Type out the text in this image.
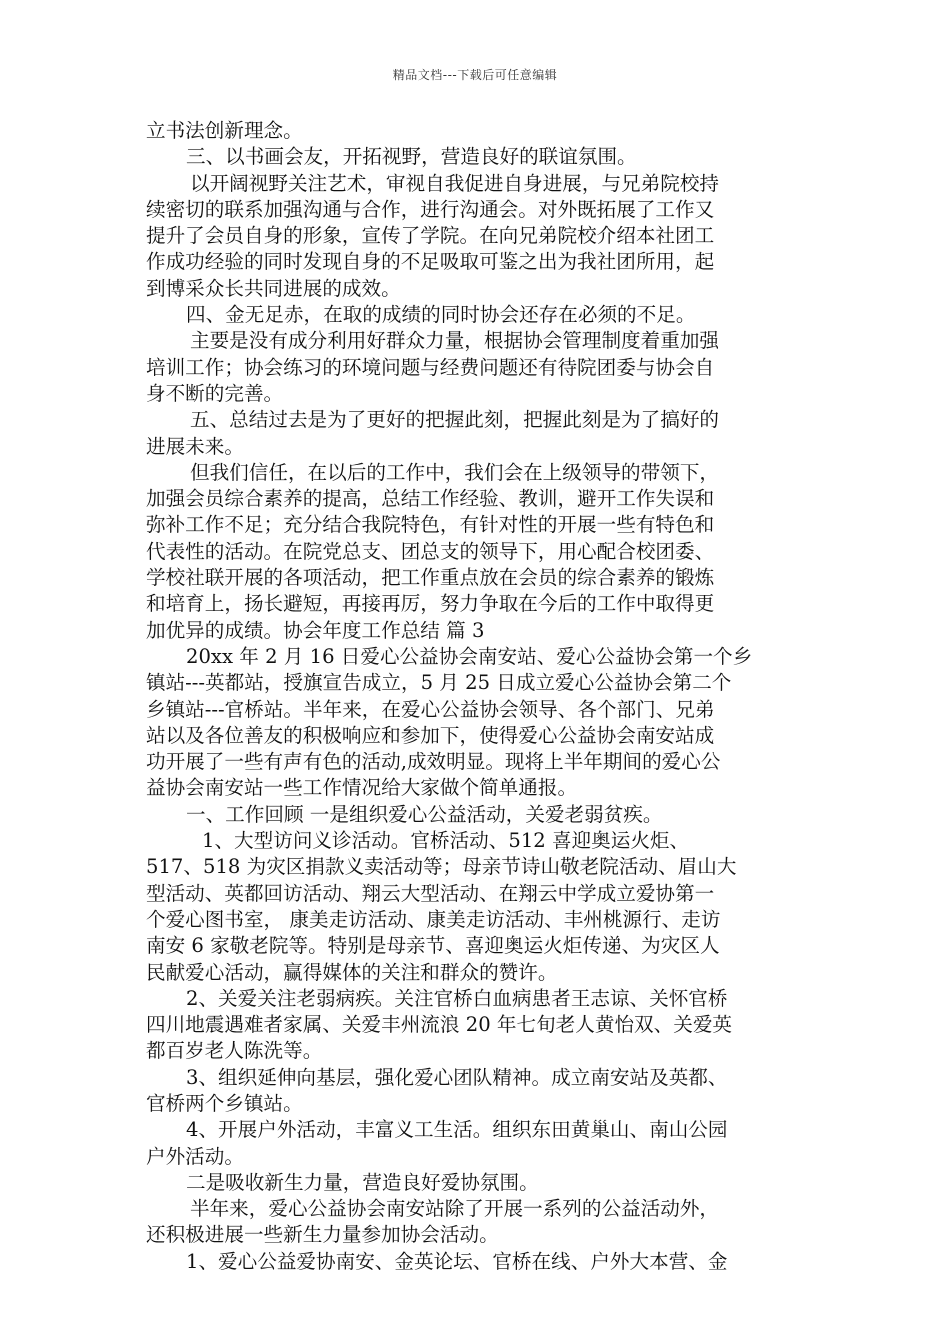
精品文档---下载后可任意编辑
立书法创新理念。
三、以书画会友，开拓视野，营造良好的联谊氛围。
以开阔视野关注艺术，审视自我促进自身进展，与兄弟院校持
续密切的联系加强沟通与合作，进行沟通会。对外既拓展了工作又
提升了会员自身的形象，宣传了学院。在向兄弟院校介绍本社团工
作成功经验的同时发现自身的不足吸取可鉴之出为我社团所用，起
到博采众长共同进展的成效。
四、金无足赤，在取的成绩的同时协会还存在必须的不足。
主要是没有成分利用好群众力量，根据协会管理制度着重加强
培训工作；协会练习的环境问题与经费问题还有待院团委与协会自
身不断的完善。
五、总结过去是为了更好的把握此刻，把握此刻是为了搞好的
进展未来。
但我们信任，在以后的工作中，我们会在上级领导的带领下，
加强会员综合素养的提高，总结工作经验、教训，避开工作失误和
弥补工作不足；充分结合我院特色，有针对性的开展一些有特色和
代表性的活动。在院党总支、团总支的领导下，用心配合校团委、
学校社联开展的各项活动，把工作重点放在会员的综合素养的锻炼
和培育上，扬长避短，再接再厉，努力争取在今后的工作中取得更
加优异的成绩。协会年度工作总结 篇 3
20xx 年 2 月 16 日爱心公益协会南安站、爱心公益协会第一个乡
镇站---英都站，授旗宣告成立，5 月 25 日成立爱心公益协会第二个
乡镇站---官桥站。半年来，在爱心公益协会领导、各个部门、兄弟
站以及各位善友的积极响应和参加下，使得爱心公益协会南安站成
功开展了一些有声有色的活动,成效明显。现将上半年期间的爱心公
益协会南安站一些工作情况给大家做个简单通报。
一、工作回顾 一是组织爱心公益活动，关爱老弱贫疾。
1、大型访问义诊活动。官桥活动、512 喜迎奥运火炬、
517、518 为灾区捐款义卖活动等；母亲节诗山敬老院活动、眉山大
型活动、英都回访活动、翔云大型活动、在翔云中学成立爱协第一
个爱心图书室， 康美走访活动、康美走访活动、丰州桃源行、走访
南安 6 家敬老院等。特别是母亲节、喜迎奥运火炬传递、为灾区人
民献爱心活动，赢得媒体的关注和群众的赞许。
2、关爱关注老弱病疾。关注官桥白血病患者王志谅、关怀官桥
四川地震遇难者家属、关爱丰州流浪 20 年七旬老人黄怡双、关爱英
都百岁老人陈洗等。
3、组织延伸向基层，强化爱心团队精神。成立南安站及英都、
官桥两个乡镇站。
4、开展户外活动，丰富义工生活。组织东田黄巢山、南山公园
户外活动。
二是吸收新生力量，营造良好爱协氛围。
半年来，爱心公益协会南安站除了开展一系列的公益活动外，
还积极进展一些新生力量参加协会活动。
1、爱心公益爱协南安、金英论坛、官桥在线、户外大本营、金
